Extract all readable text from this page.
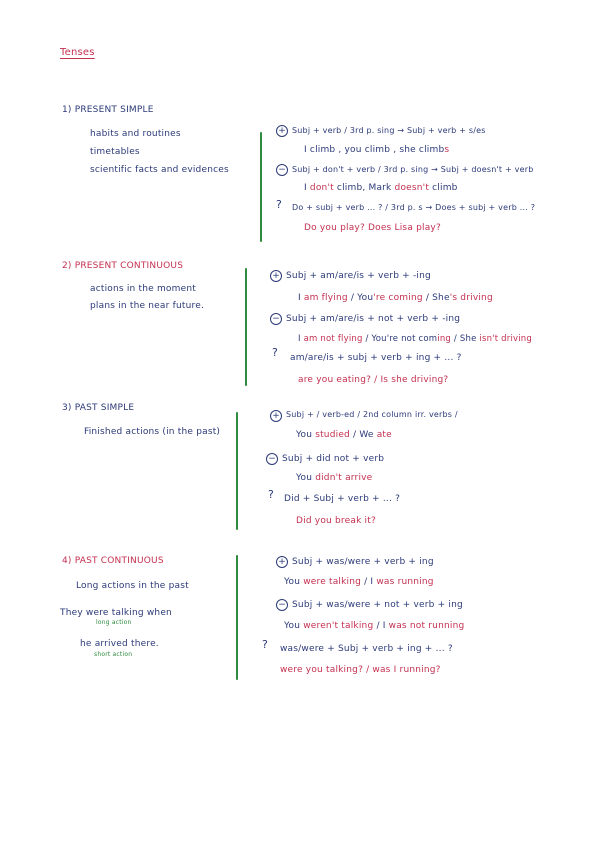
Tenses
1) PRESENT SIMPLE
habits and routines
timetables
scientific facts and evidences
+ Subj + verb / 3rd p. sing → Subj + verb + s/es
I climb , you climb , she climbs
− Subj + don't + verb / 3rd p. sing → Subj + doesn't + verb
I don't climb, Mark doesn't climb
? Do + subj + verb ... ? / 3rd p. s → Does + subj + verb ... ?
Do you play? Does Lisa play?
2) PRESENT CONTINUOUS
actions in the moment
plans in the near future.
+ Subj + am/are/is + verb + -ing
I am flying / You're coming / She's driving
− Subj + am/are/is + not + verb + -ing
I am not flying / You're not coming / She isn't driving
? am/are/is + subj + verb + ing + ... ?
are you eating? / Is she driving?
3) PAST SIMPLE
Finished actions (in the past)
+ Subj + / verb-ed / 2nd column irr. verbs /
You studied / We ate
− Subj + did not + verb
You didn't arrive
? Did + Subj + verb + ... ?
Did you break it?
4) PAST CONTINUOUS
Long actions in the past
They were talking when
long action
he arrived there.
short action
+ Subj + was/were + verb + ing
You were talking / I was running
− Subj + was/were + not + verb + ing
You weren't talking / I was not running
? was/were + Subj + verb + ing + ... ?
were you talking? / was I running?
